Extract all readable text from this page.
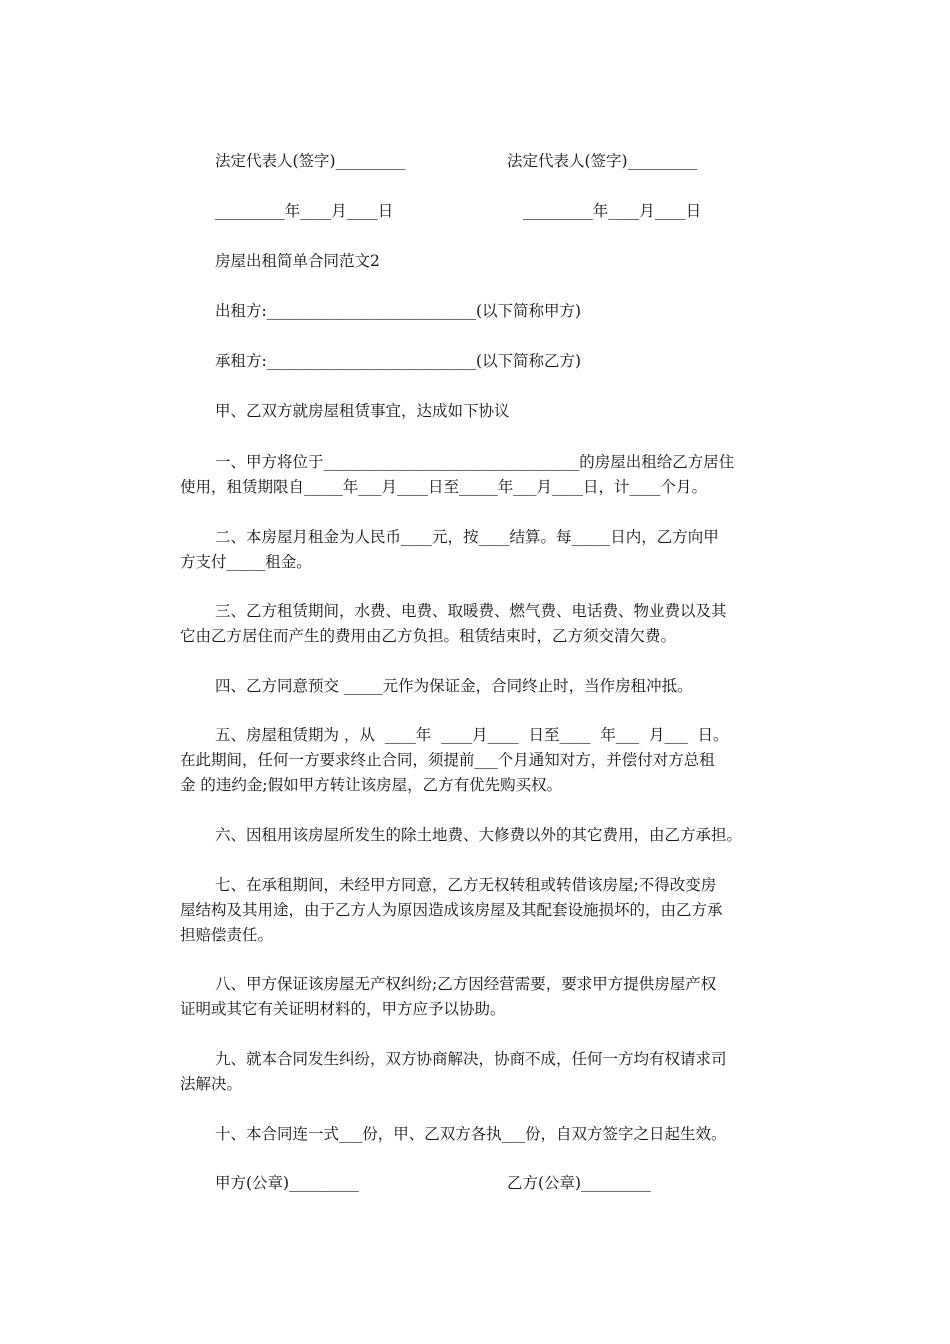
法定代表人(签字)_________	法定代表人(签字)_________
_________年____月____日	_________年____月____日
房屋出租简单合同范文2
出租方:___________________________(以下简称甲方)
承租方:___________________________(以下简称乙方)
甲、乙双方就房屋租赁事宜，达成如下协议
一、甲方将位于_________________________________的房屋出租给乙方居住
使用，租赁期限自_____年___月____日至_____年___月____日，计____个月。
二、本房屋月租金为人民币____元，按____结算。每_____日内，乙方向甲
方支付_____租金。
三、乙方租赁期间，水费、电费、取暖费、燃气费、电话费、物业费以及其
它由乙方居住而产生的费用由乙方负担。租赁结束时，乙方须交清欠费。
四、乙方同意预交 _____元作为保证金，合同终止时，当作房租冲抵。
五、房屋租赁期为 ，从  ____年  ____月____  日至____  年___  月___  日。
在此期间，任何一方要求终止合同，须提前___个月通知对方，并偿付对方总租
金 的违约金;假如甲方转让该房屋，乙方有优先购买权。
六、因租用该房屋所发生的除土地费、大修费以外的其它费用，由乙方承担。
七、在承租期间，未经甲方同意，乙方无权转租或转借该房屋;不得改变房
屋结构及其用途，由于乙方人为原因造成该房屋及其配套设施损坏的，由乙方承
担赔偿责任。
八、甲方保证该房屋无产权纠纷;乙方因经营需要，要求甲方提供房屋产权
证明或其它有关证明材料的，甲方应予以协助。
九、就本合同发生纠纷，双方协商解决，协商不成，任何一方均有权请求司
法解决。
十、本合同连一式___份，甲、乙双方各执___份，自双方签字之日起生效。
甲方(公章)_________	乙方(公章)_________
